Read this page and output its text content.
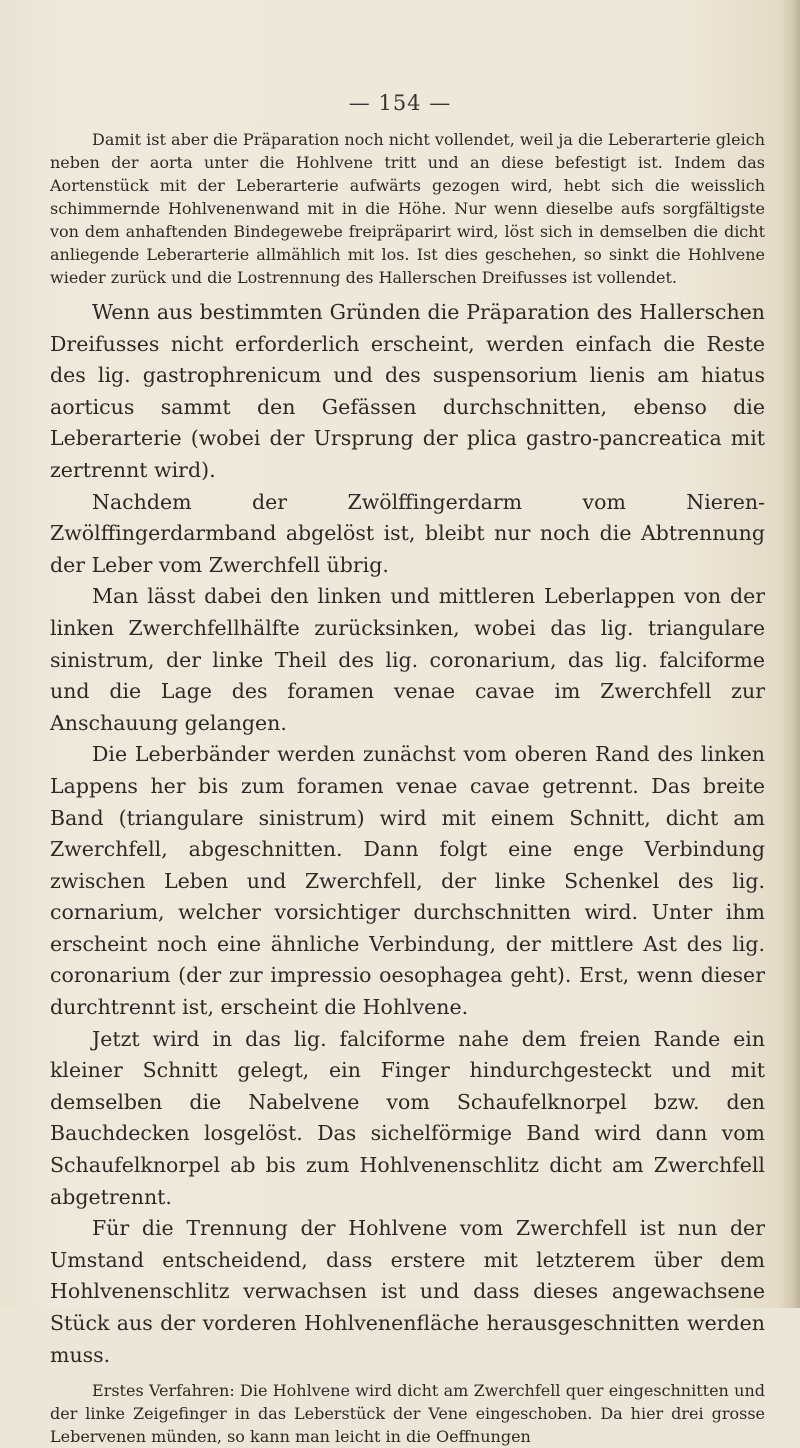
— 154 —

Damit ist aber die Präparation noch nicht vollendet, weil ja die Leberarterie gleich neben der aorta unter die Hohlvene tritt und an diese befestigt ist. Indem das Aortenstück mit der Leberarterie aufwärts gezogen wird, hebt sich die weisslich schimmernde Hohlvenenwand mit in die Höhe. Nur wenn dieselbe aufs sorgfältigste von dem anhaftenden Bindegewebe freipräparirt wird, löst sich in demselben die dicht anliegende Leberarterie allmählich mit los. Ist dies geschehen, so sinkt die Hohlvene wieder zurück und die Lostrennung des Hallerschen Dreifusses ist vollendet.

Wenn aus bestimmten Gründen die Präparation des Hallerschen Dreifusses nicht erforderlich erscheint, werden einfach die Reste des lig. gastrophrenicum und des suspensorium lienis am hiatus aorticus sammt den Gefässen durchschnitten, ebenso die Leberarterie (wobei der Ursprung der plica gastro-pancreatica mit zertrennt wird).

Nachdem der Zwölffingerdarm vom Nieren-Zwölffingerdarmband abgelöst ist, bleibt nur noch die Abtrennung der Leber vom Zwerchfell übrig.

Man lässt dabei den linken und mittleren Leberlappen von der linken Zwerchfellhälfte zurücksinken, wobei das lig. triangulare sinistrum, der linke Theil des lig. coronarium, das lig. falciforme und die Lage des foramen venae cavae im Zwerchfell zur Anschauung gelangen.

Die Leberbänder werden zunächst vom oberen Rand des linken Lappens her bis zum foramen venae cavae getrennt. Das breite Band (triangulare sinistrum) wird mit einem Schnitt, dicht am Zwerchfell, abgeschnitten. Dann folgt eine enge Verbindung zwischen Leben und Zwerchfell, der linke Schenkel des lig. cornarium, welcher vorsichtiger durchschnitten wird. Unter ihm erscheint noch eine ähnliche Verbindung, der mittlere Ast des lig. coronarium (der zur impressio oesophagea geht). Erst, wenn dieser durchtrennt ist, erscheint die Hohlvene.

Jetzt wird in das lig. falciforme nahe dem freien Rande ein kleiner Schnitt gelegt, ein Finger hindurchgesteckt und mit demselben die Nabelvene vom Schaufelknorpel bzw. den Bauchdecken losgelöst. Das sichelförmige Band wird dann vom Schaufelknorpel ab bis zum Hohlvenenschlitz dicht am Zwerchfell abgetrennt.

Für die Trennung der Hohlvene vom Zwerchfell ist nun der Umstand entscheidend, dass erstere mit letzterem über dem Hohlvenenschlitz verwachsen ist und dass dieses angewachsene Stück aus der vorderen Hohlvenenfläche herausgeschnitten werden muss.

Erstes Verfahren: Die Hohlvene wird dicht am Zwerchfell quer eingeschnitten und der linke Zeigefinger in das Leberstück der Vene eingeschoben. Da hier drei grosse Lebervenen münden, so kann man leicht in die Oeffnungen
